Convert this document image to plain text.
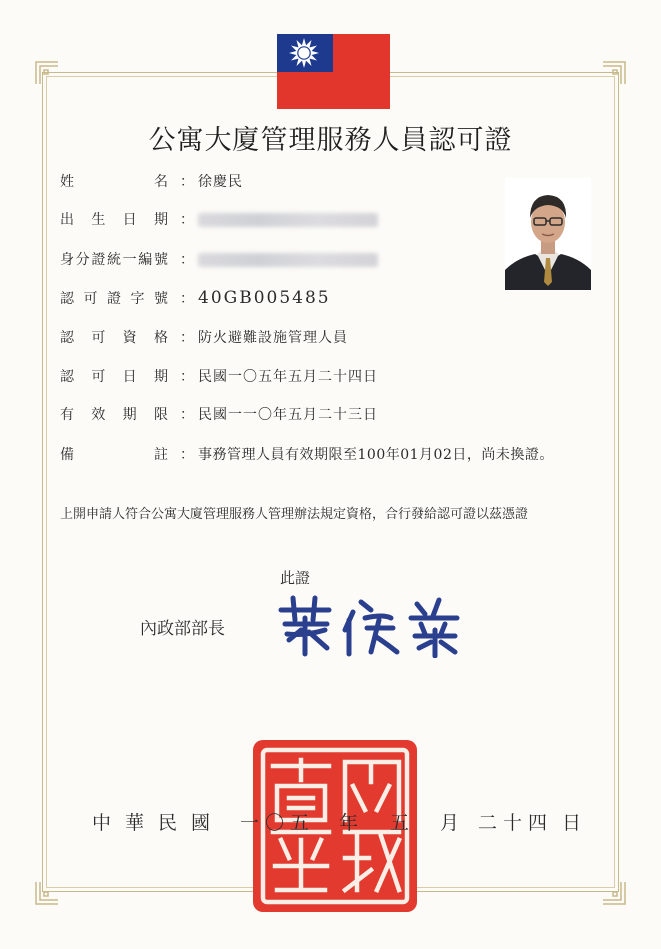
公寓大廈管理服務人員認可證
姓	名 ： 徐慶民
出 生 日 期 ：
身 分 證 統 一 編 號 ：
認 可 證 字 號 ： 40GB005485
認 可 資 格 ： 防火避難設施管理人員
認 可 日 期 ： 民國一〇五年五月二十四日
有 效 期 限 ： 民國一一〇年五月二十三日
備	註 ： 事務管理人員有效期限至100年01月02日，尚未換證。
上開申請人符合公寓大廈管理服務人管理辦法規定資格，合行發給認可證以茲憑證
此證
內政部部長
中華民國 一〇五 年 五 月 二十四 日
